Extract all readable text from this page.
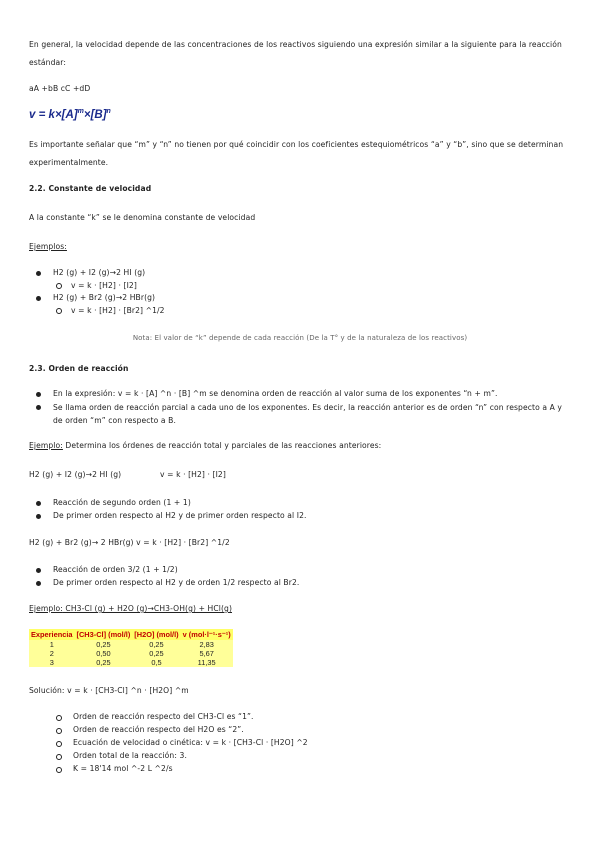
En general, la velocidad depende de las concentraciones de los reactivos siguiendo una expresión similar a la siguiente para la reacción estándar:
aA +bB cC +dD
$v = k\times[A]^m\times[B]^n$
Es importante señalar que “m” y “n” no tienen por qué coincidir con los coeficientes estequiométricos “a” y “b”, sino que se determinan experimentalmente.
2.2. Constante de velocidad
A la constante “k” se le denomina constante de velocidad
Ejemplos:
H2 (g) + I2 (g)→2 HI (g)
v = k · [H2] · [I2]
H2 (g) + Br2 (g)→2 HBr(g)
v = k · [H2] · [Br2] ^1/2
Nota: El valor de “k” depende de cada reacción (De la T° y de la naturaleza de los reactivos)
2.3. Orden de reacción
En la expresión: v = k · [A] ^n · [B] ^m se denomina orden de reacción al valor suma de los exponentes “n + m”.
Se llama orden de reacción parcial a cada uno de los exponentes. Es decir, la reacción anterior es de orden “n” con respecto a A y de orden “m” con respecto a B.
Ejemplo: Determina los órdenes de reacción total y parciales de las reacciones anteriores:
H2 (g) + I2 (g)→2 HI (g)	v = k · [H2] · [I2]
Reacción de segundo orden (1 + 1)
De primer orden respecto al H2 y de primer orden respecto al I2.
H2 (g) + Br2 (g)→ 2 HBr(g) v = k · [H2] · [Br2] ^1/2
Reacción de orden 3/2 (1 + 1/2)
De primer orden respecto al H2 y de orden 1/2 respecto al Br2.
Ejemplo: CH3-Cl (g) + H2O (g)→CH3-OH(g) + HCl(g)
Experiencia	[CH3-Cl] (mol/l)	[H2O] (mol/l)	v (mol·l⁻¹·s⁻¹)
1	0,25	0,25	2,83
2	0,50	0,25	5,67
3	0,25	0,5	11,35
Solución: v = k · [CH3-Cl] ^n · [H2O] ^m
Orden de reacción respecto del CH3-Cl es “1”.
Orden de reacción respecto del H2O es “2”.
Ecuación de velocidad o cinética: v = k · [CH3-Cl · [H2O] ^2
Orden total de la reacción: 3.
K = 18'14 mol ^-2 L ^2/s
